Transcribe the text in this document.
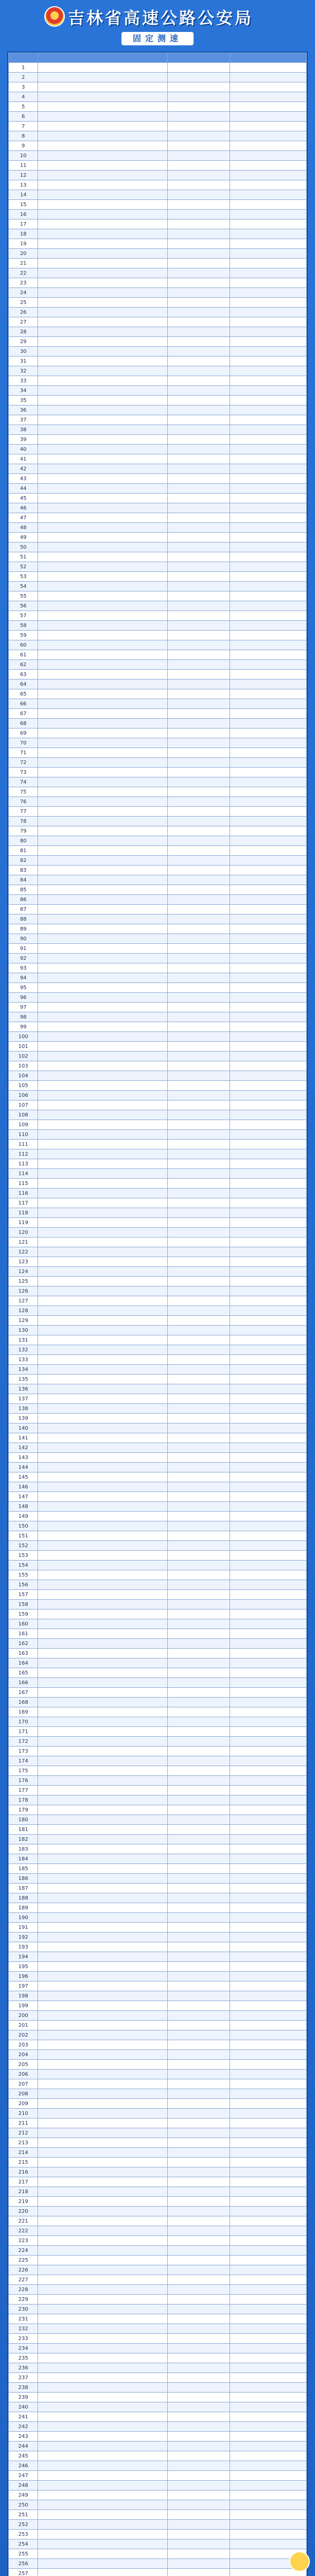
吉林省高速公路公安局
固定测速

1			
2			
3			
4			
5			
6			
7			
8			
9			
10			
11			
12			
13			
14			
15			
16			
17			
18			
19			
20			
21			
22			
23			
24			
25			
26			
27			
28			
29			
30			
31			
32			
33			
34			
35			
36			
37			
38			
39			
40			
41			
42			
43			
44			
45			
46			
47			
48			
49			
50			
51			
52			
53			
54			
55			
56			
57			
58			
59			
60			
61			
62			
63			
64			
65			
66			
67			
68			
69			
70			
71			
72			
73			
74			
75			
76			
77			
78			
79			
80			
81			
82			
83			
84			
85			
86			
87			
88			
89			
90			
91			
92			
93			
94			
95			
96			
97			
98			
99			
100			
101			
102			
103			
104			
105			
106			
107			
108			
109			
110			
111			
112			
113			
114			
115			
116			
117			
118			
119			
120			
121			
122			
123			
124			
125			
126			
127			
128			
129			
130			
131			
132			
133			
134			
135			
136			
137			
138			
139			
140			
141			
142			
143			
144			
145			
146			
147			
148			
149			
150			
151			
152			
153			
154			
155			
156			
157			
158			
159			
160			
161			
162			
163			
164			
165			
166			
167			
168			
169			
170			
171			
172			
173			
174			
175			
176			
177			
178			
179			
180			
181			
182			
183			
184			
185			
186			
187			
188			
189			
190			
191			
192			
193			
194			
195			
196			
197			
198			
199			
200			
201			
202			
203			
204			
205			
206			
207			
208			
209			
210			
211			
212			
213			
214			
215			
216			
217			
218			
219			
220			
221			
222			
223			
224			
225			
226			
227			
228			
229			
230			
231			
232			
233			
234			
235			
236			
237			
238			
239			
240			
241			
242			
243			
244			
245			
246			
247			
248			
249			
250			
251			
252			
253			
254			
255			
256			
257			
